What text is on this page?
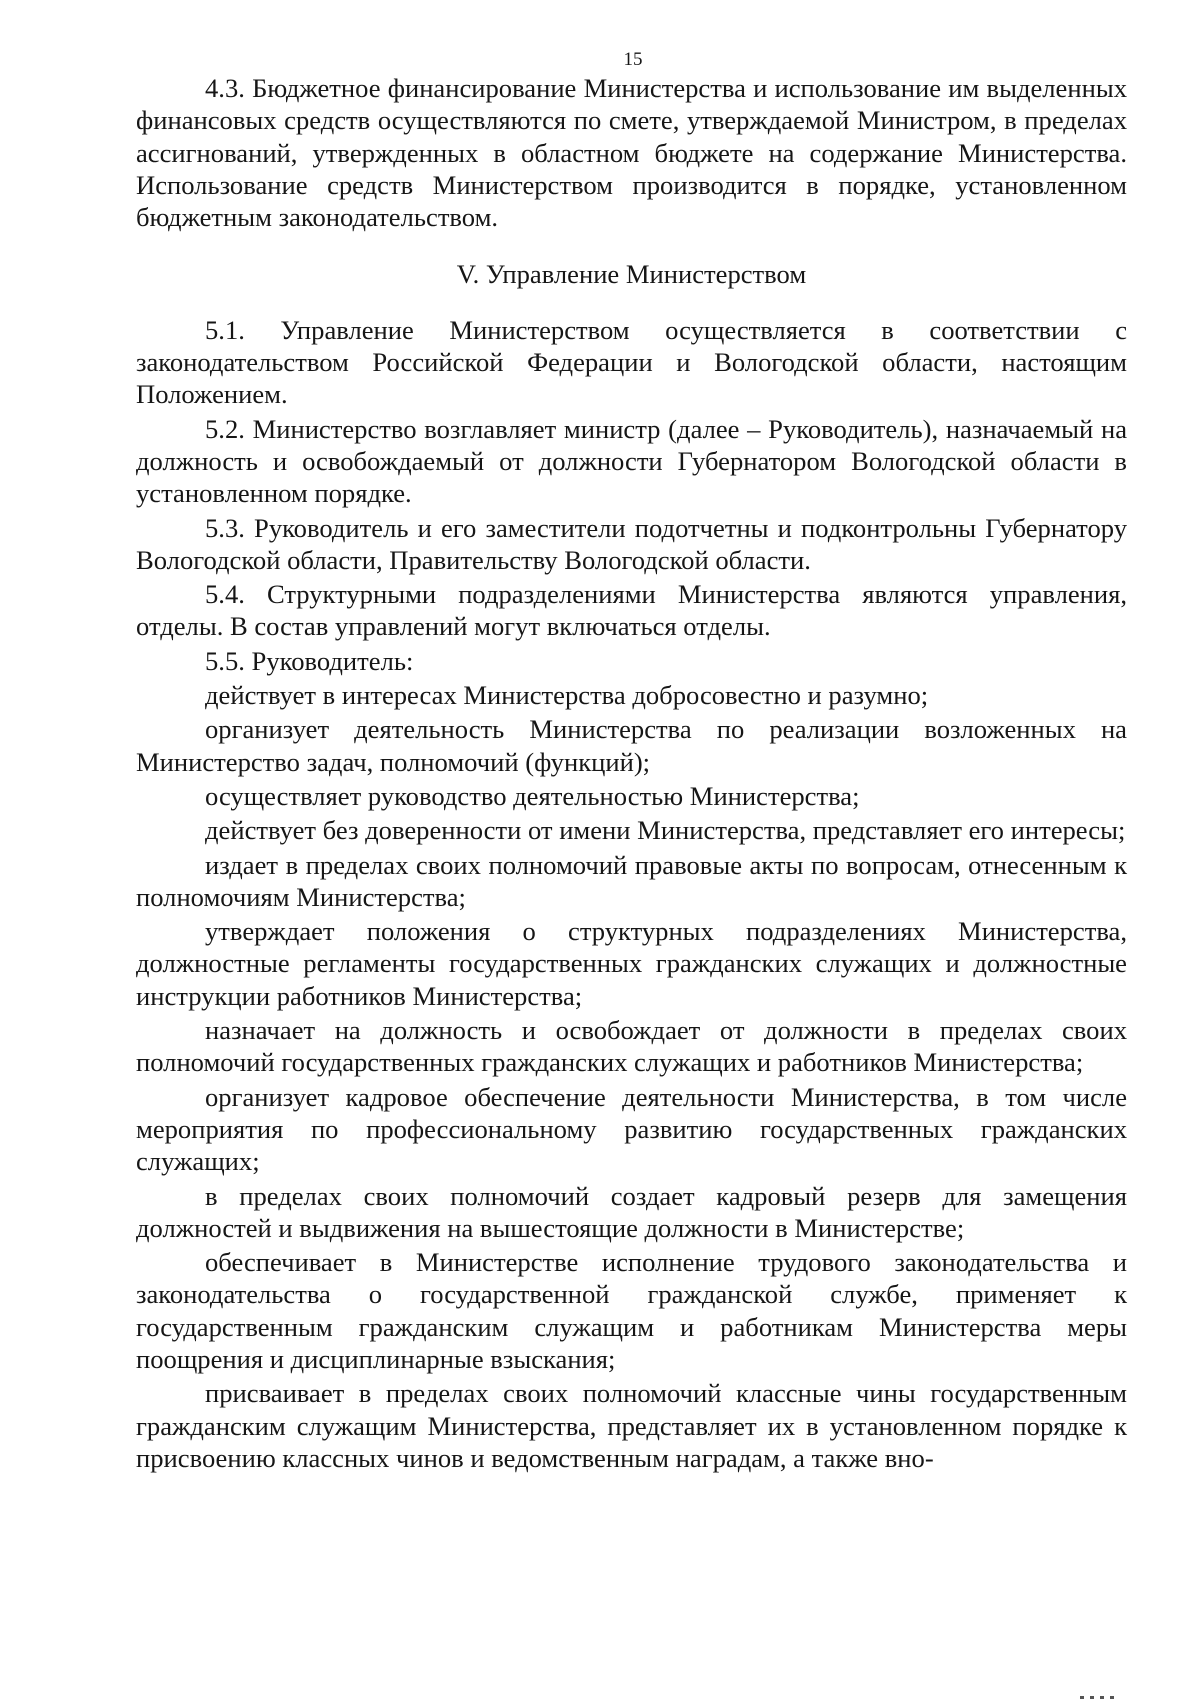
15

4.3. Бюджетное финансирование Министерства и использование им выделенных финансовых средств осуществляются по смете, утверждаемой Министром, в пределах ассигнований, утвержденных в областном бюджете на содержание Министерства. Использование средств Министерством производится в порядке, установленном бюджетным законодательством.

V. Управление Министерством

5.1. Управление Министерством осуществляется в соответствии с законодательством Российской Федерации и Вологодской области, настоящим Положением.

5.2. Министерство возглавляет министр (далее – Руководитель), назначаемый на должность и освобождаемый от должности Губернатором Вологодской области в установленном порядке.

5.3. Руководитель и его заместители подотчетны и подконтрольны Губернатору Вологодской области, Правительству Вологодской области.

5.4. Структурными подразделениями Министерства являются управления, отделы. В состав управлений могут включаться отделы.

5.5. Руководитель:

действует в интересах Министерства добросовестно и разумно;

организует деятельность Министерства по реализации возложенных на Министерство задач, полномочий (функций);

осуществляет руководство деятельностью Министерства;

действует без доверенности от имени Министерства, представляет его интересы;

издает в пределах своих полномочий правовые акты по вопросам, отнесенным к полномочиям Министерства;

утверждает положения о структурных подразделениях Министерства, должностные регламенты государственных гражданских служащих и должностные инструкции работников Министерства;

назначает на должность и освобождает от должности в пределах своих полномочий государственных гражданских служащих и работников Министерства;

организует кадровое обеспечение деятельности Министерства, в том числе мероприятия по профессиональному развитию государственных гражданских служащих;

в пределах своих полномочий создает кадровый резерв для замещения должностей и выдвижения на вышестоящие должности в Министерстве;

обеспечивает в Министерстве исполнение трудового законодательства и законодательства о государственной гражданской службе, применяет к государственным гражданским служащим и работникам Министерства меры поощрения и дисциплинарные взыскания;

присваивает в пределах своих полномочий классные чины государственным гражданским служащим Министерства, представляет их в установленном порядке к присвоению классных чинов и ведомственным наградам, а также вно-
